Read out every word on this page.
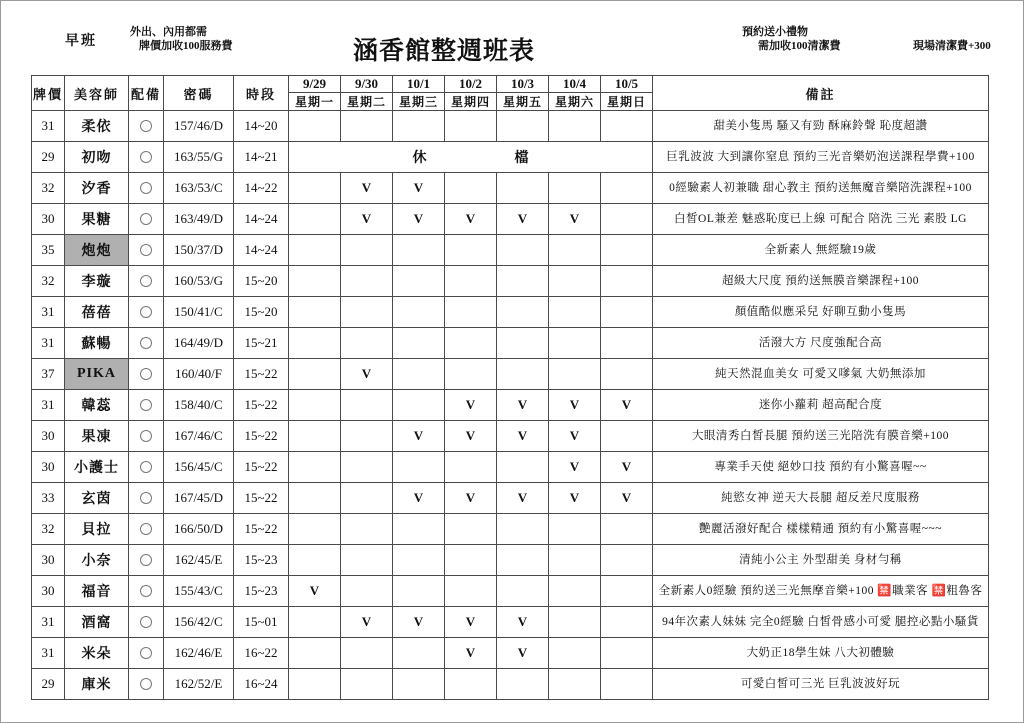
早班
外出、內用都需
牌價加收100服務費	涵香館整週班表
預約送小禮物
需加收100清潔費	現場清潔費+300
牌價	美容師	配備	密碼	時段	9/29	9/30	10/1	10/2	10/3	10/4	10/5	備註
					星期一	星期二	星期三	星期四	星期五	星期六	星期日	
31	柔依		157/46/D	14~20								甜美小隻馬 騷又有勁 酥麻鈴聲 恥度超讚
29	初吻		163/55/G	14~21	休 檔							巨乳波波 大到讓你窒息 預約三光音樂奶泡送課程學費+100
32	汐香		163/53/C	14~22		V	V					0經驗素人初兼職 甜心教主 預約送無魔音樂陪洗課程+100
30	果糖		163/49/D	14~24		V	V	V	V	V		白皙OL兼差 魅惑恥度已上線 可配合 陪洗 三光 素股 LG
35	炮炮		150/37/D	14~24								全新素人 無經驗19歲
32	李璇		160/53/G	15~20								超級大尺度 預約送無膜音樂課程+100
31	蓓蓓		150/41/C	15~20								顏值酷似應采兒 好聊互動小隻馬
31	蘇暢		164/49/D	15~21								活潑大方 尺度強配合高
37	PIKA		160/40/F	15~22		V						純天然混血美女 可愛又嗲氣 大奶無添加
31	韓蕊		158/40/C	15~22				V	V	V	V	迷你小蘿莉 超高配合度
30	果凍		167/46/C	15~22			V	V	V	V		大眼清秀白皙長腿 預約送三光陪洗有膜音樂+100
30	小護士		156/45/C	15~22						V	V	專業手天使 絕妙口技 預約有小驚喜喔~~
33	玄茵		167/45/D	15~22			V	V	V	V	V	純慾女神 逆天大長腿 超反差尺度服務
32	貝拉		166/50/D	15~22								艷麗活潑好配合 樣樣精通 預約有小驚喜喔~~~
30	小奈		162/45/E	15~23								清純小公主 外型甜美 身材勻稱
30	福音		155/43/C	15~23	V							全新素人0經驗 預約送三光無摩音樂+100 🈲職業客 🈲粗魯客
31	酒窩		156/42/C	15~01		V	V	V	V			94年次素人妹妹 完全0經驗 白皙骨感小可愛 腿控必點小騷貨
31	米朵		162/46/E	16~22				V	V			大奶正18學生妹 八大初體驗
29	庫米		162/52/E	16~24								可愛白皙可三光 巨乳波波好玩
